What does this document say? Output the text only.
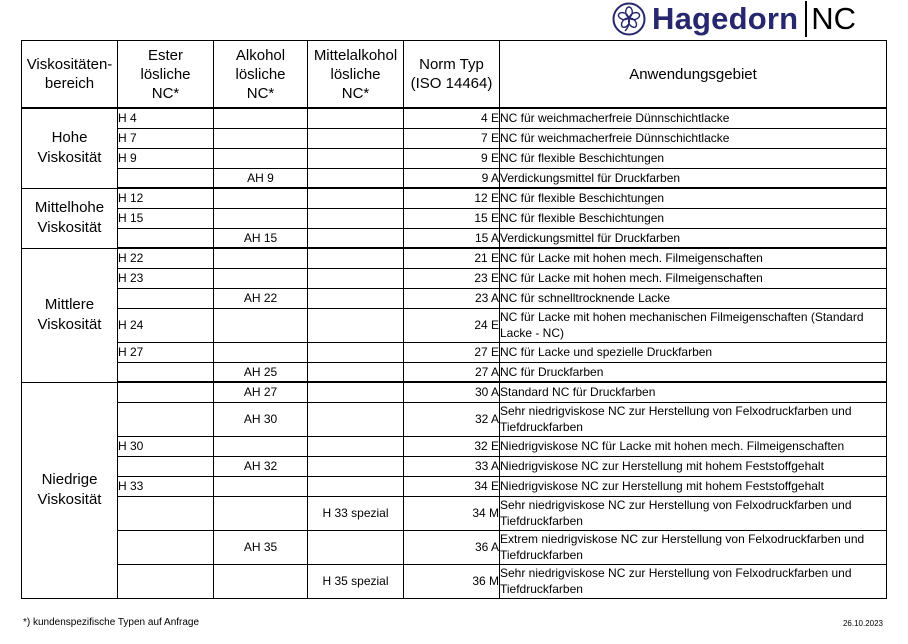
Hagedorn NC
Viskositäten-
bereich	Ester
lösliche
NC*	Alkohol
lösliche
NC*	Mittelalkohol
lösliche
NC*	Norm Typ
(ISO 14464)	Anwendungsgebiet
Hohe
Viskosität	H 4			4 E	NC für weichmacherfreie Dünnschichtlacke
	H 7			7 E	NC für weichmacherfreie Dünnschichtlacke
	H 9			9 E	NC für flexible Beschichtungen
		AH 9		9 A	Verdickungsmittel für Druckfarben
Mittelhohe
Viskosität	H 12			12 E	NC für flexible Beschichtungen
	H 15			15 E	NC für flexible Beschichtungen
		AH 15		15 A	Verdickungsmittel für Druckfarben
Mittlere
Viskosität	H 22			21 E	NC für Lacke mit hohen mech. Filmeigenschaften
	H 23			23 E	NC für Lacke mit hohen mech. Filmeigenschaften
		AH 22		23 A	NC für schnelltrocknende Lacke
	H 24			24 E	NC für Lacke mit hohen mechanischen Filmeigenschaften (Standard Lacke - NC)
	H 27			27 E	NC für Lacke und spezielle Druckfarben
		AH 25		27 A	NC für Druckfarben
Niedrige
Viskosität		AH 27		30 A	Standard NC für Druckfarben
		AH 30		32 A	Sehr niedrigviskose NC zur Herstellung von Felxodruckfarben und Tiefdruckfarben
	H 30			32 E	Niedrigviskose NC für Lacke mit hohen mech. Filmeigenschaften
		AH 32		33 A	Niedrigviskose NC zur Herstellung mit hohem Feststoffgehalt
	H 33			34 E	Niedrigviskose NC zur Herstellung mit hohem Feststoffgehalt
			H 33 spezial	34 M	Sehr niedrigviskose NC zur Herstellung von Felxodruckfarben und Tiefdruckfarben
		AH 35		36 A	Extrem niedrigviskose NC zur Herstellung von Felxodruckfarben und Tiefdruckfarben
			H 35 spezial	36 M	Sehr niedrigviskose NC zur Herstellung von Felxodruckfarben und Tiefdruckfarben
*) kundenspezifische Typen auf Anfrage	26.10.2023
